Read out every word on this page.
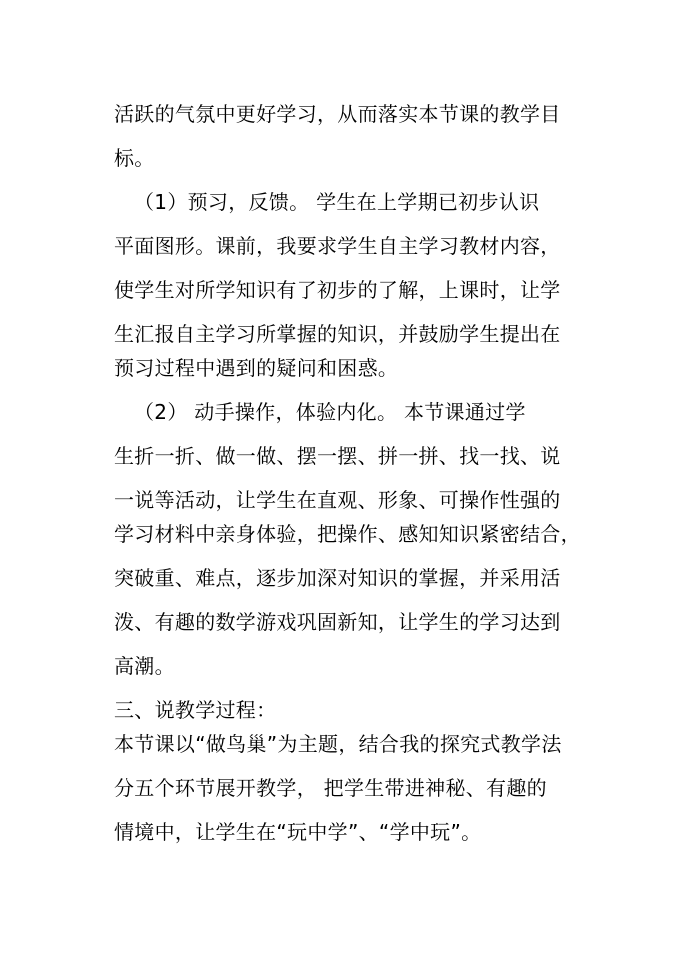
活跃的气氛中更好学习，从而落实本节课的教学目
标。
（1）预习，反馈。 学生在上学期已初步认识
平面图形。课前，我要求学生自主学习教材内容，
使学生对所学知识有了初步的了解，上课时，让学
生汇报自主学习所掌握的知识，并鼓励学生提出在
预习过程中遇到的疑问和困惑。
（2） 动手操作，体验内化。 本节课通过学
生折一折、做一做、摆一摆、拼一拼、找一找、说
一说等活动，让学生在直观、形象、可操作性强的
学习材料中亲身体验，把操作、感知知识紧密结合，
突破重、难点，逐步加深对知识的掌握，并采用活
泼、有趣的数学游戏巩固新知，让学生的学习达到
高潮。
三、说教学过程：
本节课以“做鸟巢”为主题，结合我的探究式教学法
分五个环节展开教学， 把学生带进神秘、有趣的
情境中，让学生在“玩中学”、“学中玩”。
